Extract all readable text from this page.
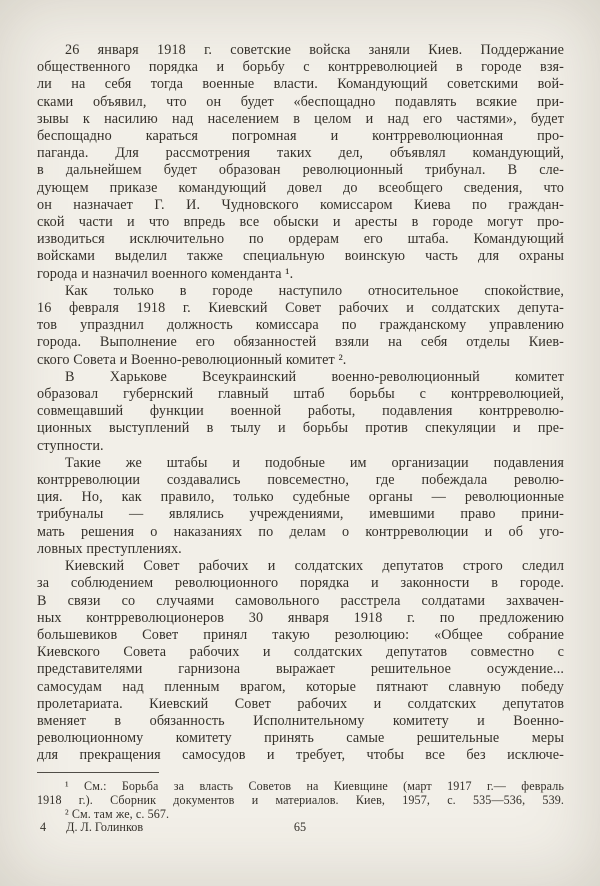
26 января 1918 г. советские войска заняли Киев. Поддержание
общественного порядка и борьбу с контрреволюцией в городе взя-
ли на себя тогда военные власти. Командующий советскими вой-
сками объявил, что он будет «беспощадно подавлять всякие при-
зывы к насилию над населением в целом и над его частями», будет
беспощадно караться погромная и контрреволюционная про-
паганда. Для рассмотрения таких дел, объявлял командующий,
в дальнейшем будет образован революционный трибунал. В сле-
дующем приказе командующий довел до всеобщего сведения, что
он назначает Г. И. Чудновского комиссаром Киева по граждан-
ской части и что впредь все обыски и аресты в городе могут про-
изводиться исключительно по ордерам его штаба. Командующий
войсками выделил также специальную воинскую часть для охраны
города и назначил военного коменданта ¹.
Как только в городе наступило относительное спокойствие,
16 февраля 1918 г. Киевский Совет рабочих и солдатских депута-
тов упразднил должность комиссара по гражданскому управлению
города. Выполнение его обязанностей взяли на себя отделы Киев-
ского Совета и Военно-революционный комитет ².
В Харькове Всеукраинский военно-революционный комитет
образовал губернский главный штаб борьбы с контрреволюцией,
совмещавший функции военной работы, подавления контрреволю-
ционных выступлений в тылу и борьбы против спекуляции и пре-
ступности.
Такие же штабы и подобные им организации подавления
контрреволюции создавались повсеместно, где побеждала револю-
ция. Но, как правило, только судебные органы — революционные
трибуналы — являлись учреждениями, имевшими право прини-
мать решения о наказаниях по делам о контрреволюции и об уго-
ловных преступлениях.
Киевский Совет рабочих и солдатских депутатов строго следил
за соблюдением революционного порядка и законности в городе.
В связи со случаями самовольного расстрела солдатами захвачен-
ных контрреволюционеров 30 января 1918 г. по предложению
большевиков Совет принял такую резолюцию: «Общее собрание
Киевского Совета рабочих и солдатских депутатов совместно с
представителями гарнизона выражает решительное осуждение...
самосудам над пленным врагом, которые пятнают славную победу
пролетариата. Киевский Совет рабочих и солдатских депутатов
вменяет в обязанность Исполнительному комитету и Военно-
революционному комитету принять самые решительные меры
для прекращения самосудов и требует, чтобы все без исключе-
¹ См.: Борьба за власть Советов на Киевщине (март 1917 г.— февраль
1918 г.). Сборник документов и материалов. Киев, 1957, с. 535—536, 539.
² См. там же, с. 567.
4 Д. Л. Голинков	65
